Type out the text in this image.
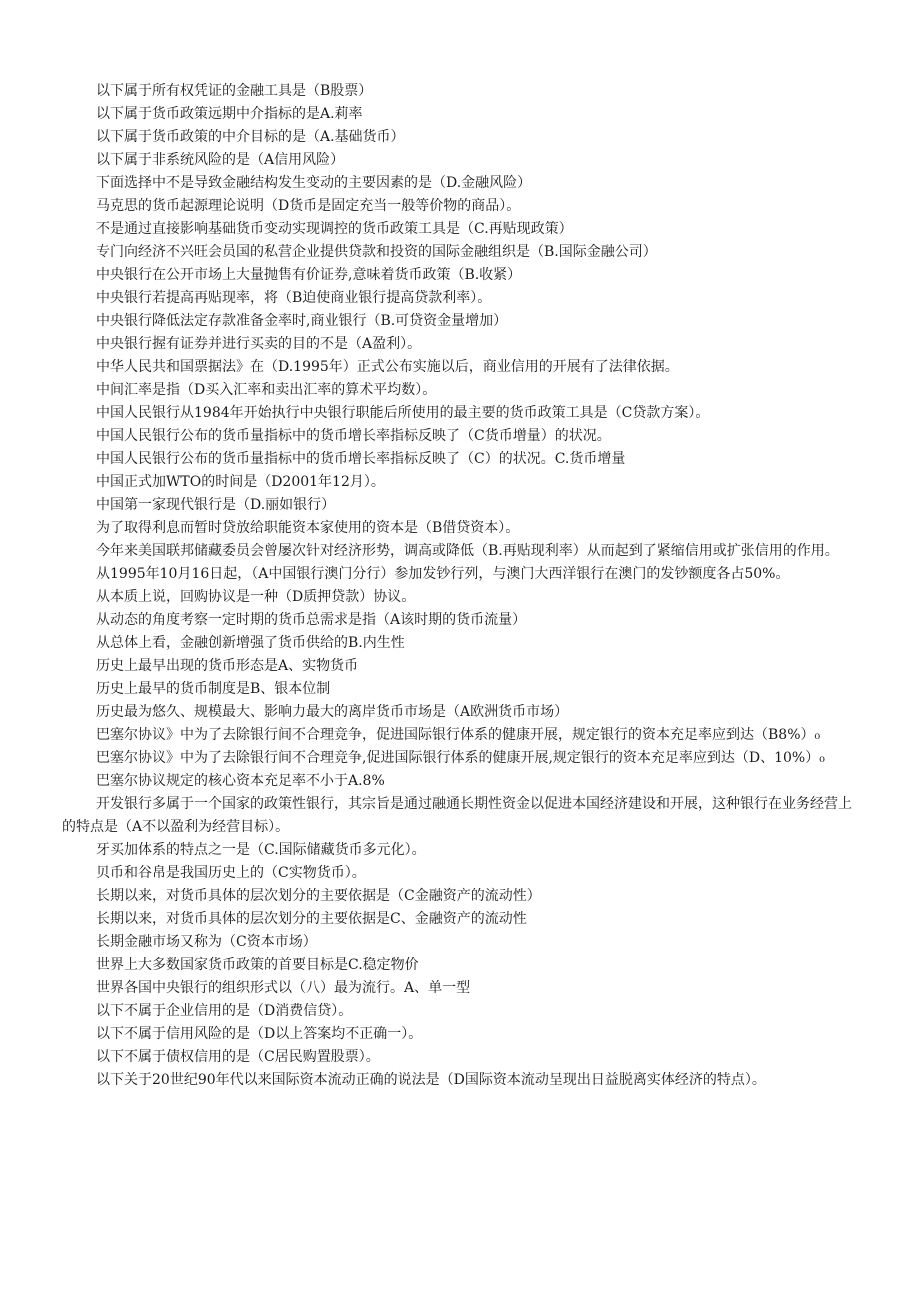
以下属于所有权凭证的金融工具是（B股票）

以下属于货币政策远期中介指标的是A.莉率

以下属于货币政策的中介目标的是（A.基础货币）

以下属于非系统风险的是（A信用风险）

下面选择中不是导致金融结构发生变动的主要因素的是（D.金融风险）

马克思的货币起源理论说明（D货币是固定充当一般等价物的商品）。

不是通过直接影响基础货币变动实现调控的货币政策工具是（C.再贴现政策）

专门向经济不兴旺会员国的私营企业提供贷款和投资的国际金融组织是（B.国际金融公司）

中央银行在公开市场上大量抛售有价证券,意味着货币政策（B.收紧）

中央银行若提高再贴现率，将（B迫使商业银行提高贷款利率）。

中央银行降低法定存款准备金率时,商业银行（B.可贷资金量增加）

中央银行握有证券并进行买卖的目的不是（A盈利）。

中华人民共和国票据法》在（D.1995年）正式公布实施以后，商业信用的开展有了法律依据。

中间汇率是指（D买入汇率和卖出汇率的算术平均数）。

中国人民银行从1984年开始执行中央银行职能后所使用的最主要的货币政策工具是（C贷款方案）。

中国人民银行公布的货币量指标中的货币增长率指标反映了（C货币增量）的状况。

中国人民银行公布的货币量指标中的货币增长率指标反映了（C）的状况。C.货币增量

中国正式加WTO的时间是（D2001年12月）。

中国第一家现代银行是（D.丽如银行）

为了取得利息而暂时贷放给职能资本家使用的资本是（B借贷资本）。

今年来美国联邦储藏委员会曾屡次针对经济形势，调高或降低（B.再贴现利率）从而起到了紧缩信用或扩张信用的作用。

从1995年10月16日起，（A中国银行澳门分行）参加发钞行列，与澳门大西洋银行在澳门的发钞额度各占50%。

从本质上说，回购协议是一种（D质押贷款）协议。

从动态的角度考察一定时期的货币总需求是指（A该时期的货币流量）

从总体上看，金融创新增强了货币供给的B.内生性

历史上最早出现的货币形态是A、实物货币

历史上最早的货币制度是B、银本位制

历史最为悠久、规模最大、影响力最大的离岸货币市场是（A欧洲货币市场）

巴塞尔协议》中为了去除银行间不合理竞争，促进国际银行体系的健康开展，规定银行的资本充足率应到达（B8%）₀

巴塞尔协议》中为了去除银行间不合理竞争,促进国际银行体系的健康开展,规定银行的资本充足率应到达（D、10%）₀

巴塞尔协议规定的核心资本充足率不小于A.8%

开发银行多属于一个国家的政策性银行，其宗旨是通过融通长期性资金以促进本国经济建设和开展，这种银行在业务经营上的特点是（A不以盈利为经营目标）。

牙买加体系的特点之一是（C.国际储藏货币多元化）。

贝币和谷帛是我国历史上的（C实物货币）。

长期以来，对货币具体的层次划分的主要依据是（C金融资产的流动性）

长期以来，对货币具体的层次划分的主要依据是C、金融资产的流动性

长期金融市场又称为（C资本市场）

世界上大多数国家货币政策的首要目标是C.稳定物价

世界各国中央银行的组织形式以（八）最为流行。A、单一型

以下不属于企业信用的是（D消费信贷）。

以下不属于信用风险的是（D以上答案均不正确一）。

以下不属于债权信用的是（C居民购置股票）。

以下关于20世纪90年代以来国际资本流动正确的说法是（D国际资本流动呈现出日益脱离实体经济的特点）。
